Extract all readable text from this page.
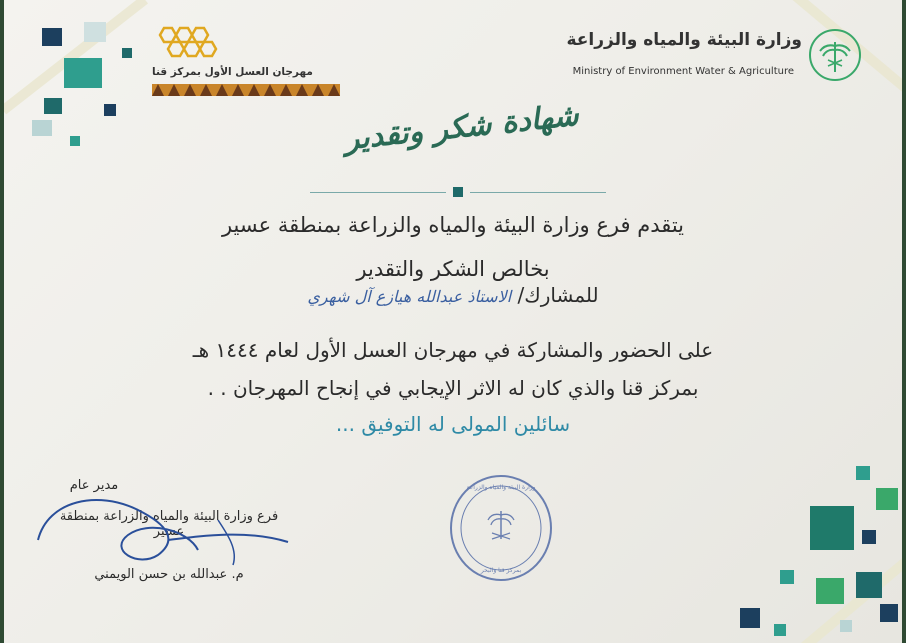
مهرجان العسل الأول بمركز قنا
وزارة البيئة والمياه والزراعة
Ministry of Environment Water & Agriculture
شهادة شكر وتقدير
يتقدم فرع وزارة البيئة والمياه والزراعة بمنطقة عسير
بخالص الشكر والتقدير
للمشارك/ الاستاذ عبدالله هيازع آل شهري
على الحضور والمشاركة في مهرجان العسل الأول لعام ١٤٤٤ هـ
بمركز قنا والذي كان له الاثر الإيجابي في إنجاح المهرجان . .
سائلين المولى له التوفيق ...
مدير عام
فرع وزارة البيئة والمياه والزراعة بمنطقة عسير
م. عبدالله بن حسن الويمني
وزارة البيئة والمياه والزراعة
بمركز قنا والبحر
